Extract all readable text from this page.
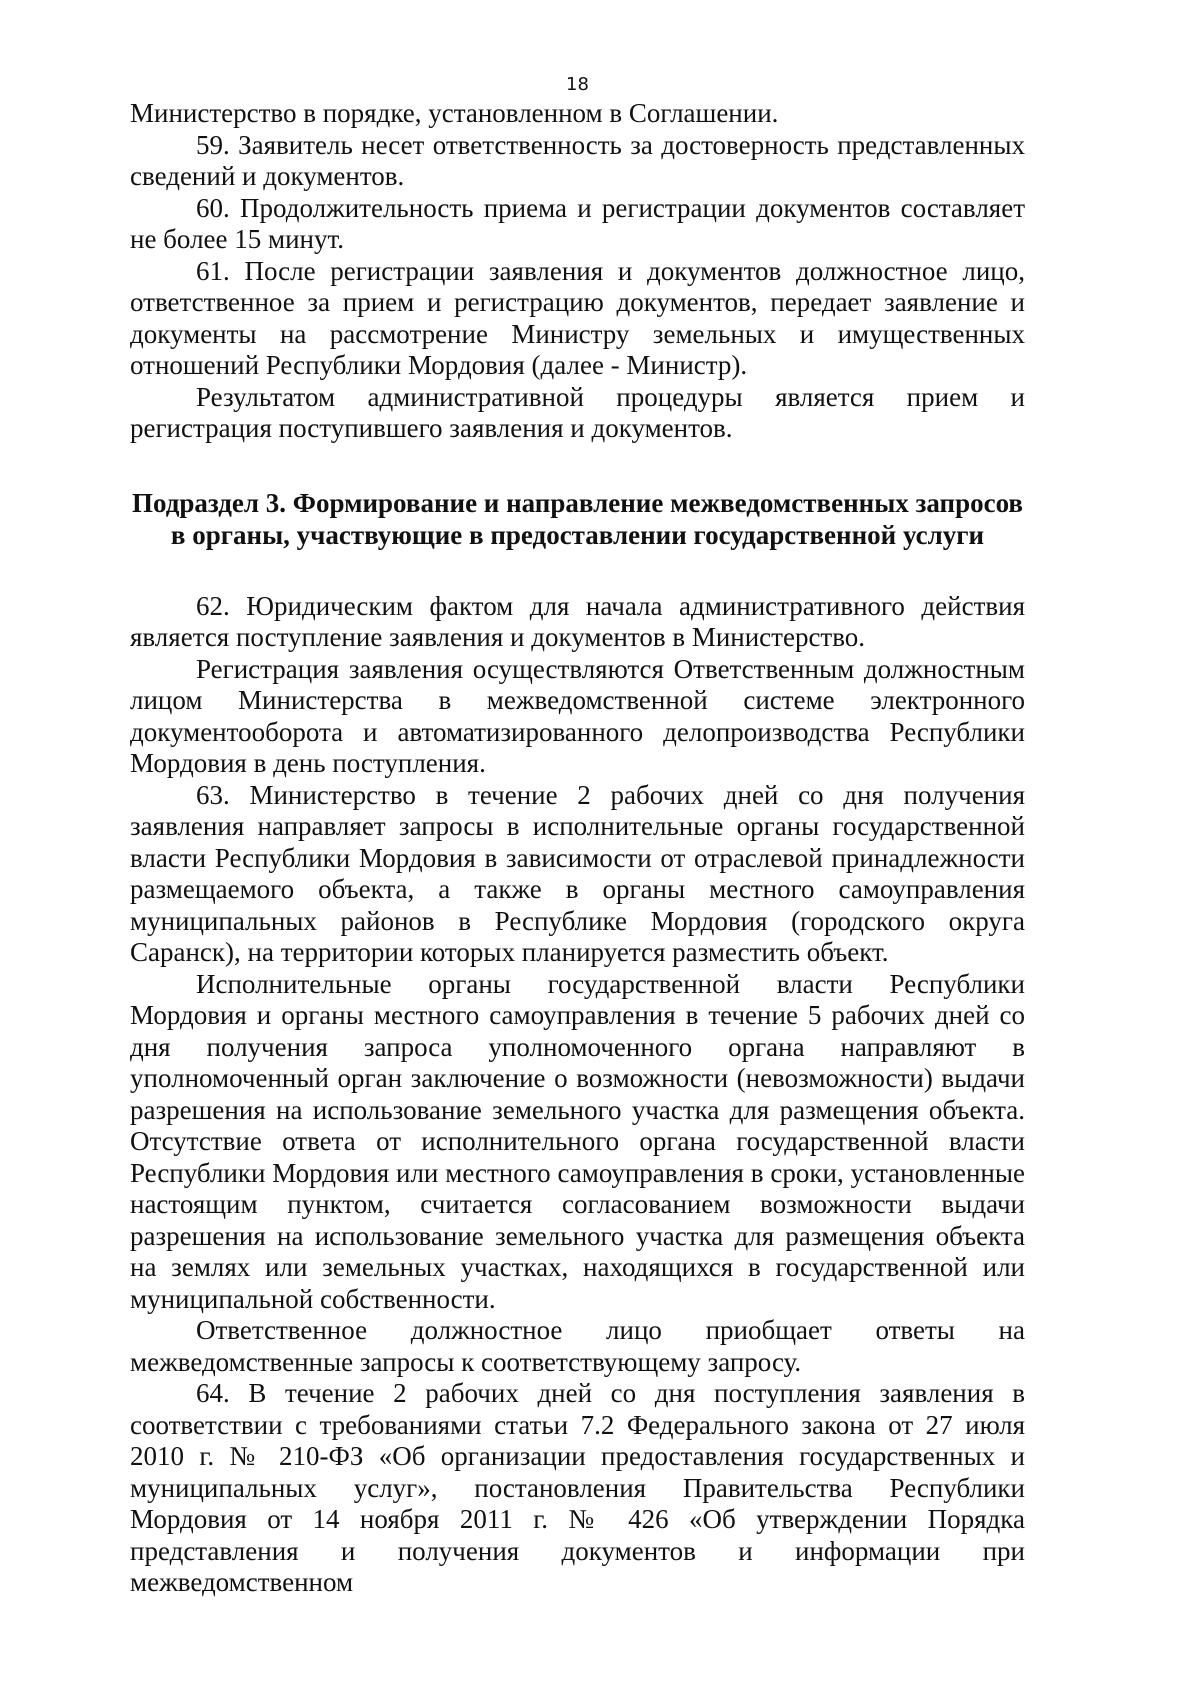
18

Министерство в порядке, установленном в Соглашении.

59. Заявитель несет ответственность за достоверность представленных сведений и документов.

60. Продолжительность приема и регистрации документов составляет не более 15 минут.

61. После регистрации заявления и документов должностное лицо, ответственное за прием и регистрацию документов, передает заявление и документы на рассмотрение Министру земельных и имущественных отношений Республики Мордовия (далее - Министр).

Результатом административной процедуры является прием и регистрация поступившего заявления и документов.

Подраздел 3. Формирование и направление межведомственных запросов в органы, участвующие в предоставлении государственной услуги

62. Юридическим фактом для начала административного действия является поступление заявления и документов в Министерство.

Регистрация заявления осуществляются Ответственным должностным лицом Министерства в межведомственной системе электронного документооборота и автоматизированного делопроизводства Республики Мордовия в день поступления.

63. Министерство в течение 2 рабочих дней со дня получения заявления направляет запросы в исполнительные органы государственной власти Республики Мордовия в зависимости от отраслевой принадлежности размещаемого объекта, а также в органы местного самоуправления муниципальных районов в Республике Мордовия (городского округа Саранск), на территории которых планируется разместить объект.

Исполнительные органы государственной власти Республики Мордовия и органы местного самоуправления в течение 5 рабочих дней со дня получения запроса уполномоченного органа направляют в уполномоченный орган заключение о возможности (невозможности) выдачи разрешения на использование земельного участка для размещения объекта. Отсутствие ответа от исполнительного органа государственной власти Республики Мордовия или местного самоуправления в сроки, установленные настоящим пунктом, считается согласованием возможности выдачи разрешения на использование земельного участка для размещения объекта на землях или земельных участках, находящихся в государственной или муниципальной собственности.

Ответственное должностное лицо приобщает ответы на межведомственные запросы к соответствующему запросу.

64. В течение 2 рабочих дней со дня поступления заявления в соответствии с требованиями статьи 7.2 Федерального закона от 27 июля 2010 г. № 210-ФЗ «Об организации предоставления государственных и муниципальных услуг», постановления Правительства Республики Мордовия от 14 ноября 2011 г. № 426 «Об утверждении Порядка представления и получения документов и информации при межведомственном
